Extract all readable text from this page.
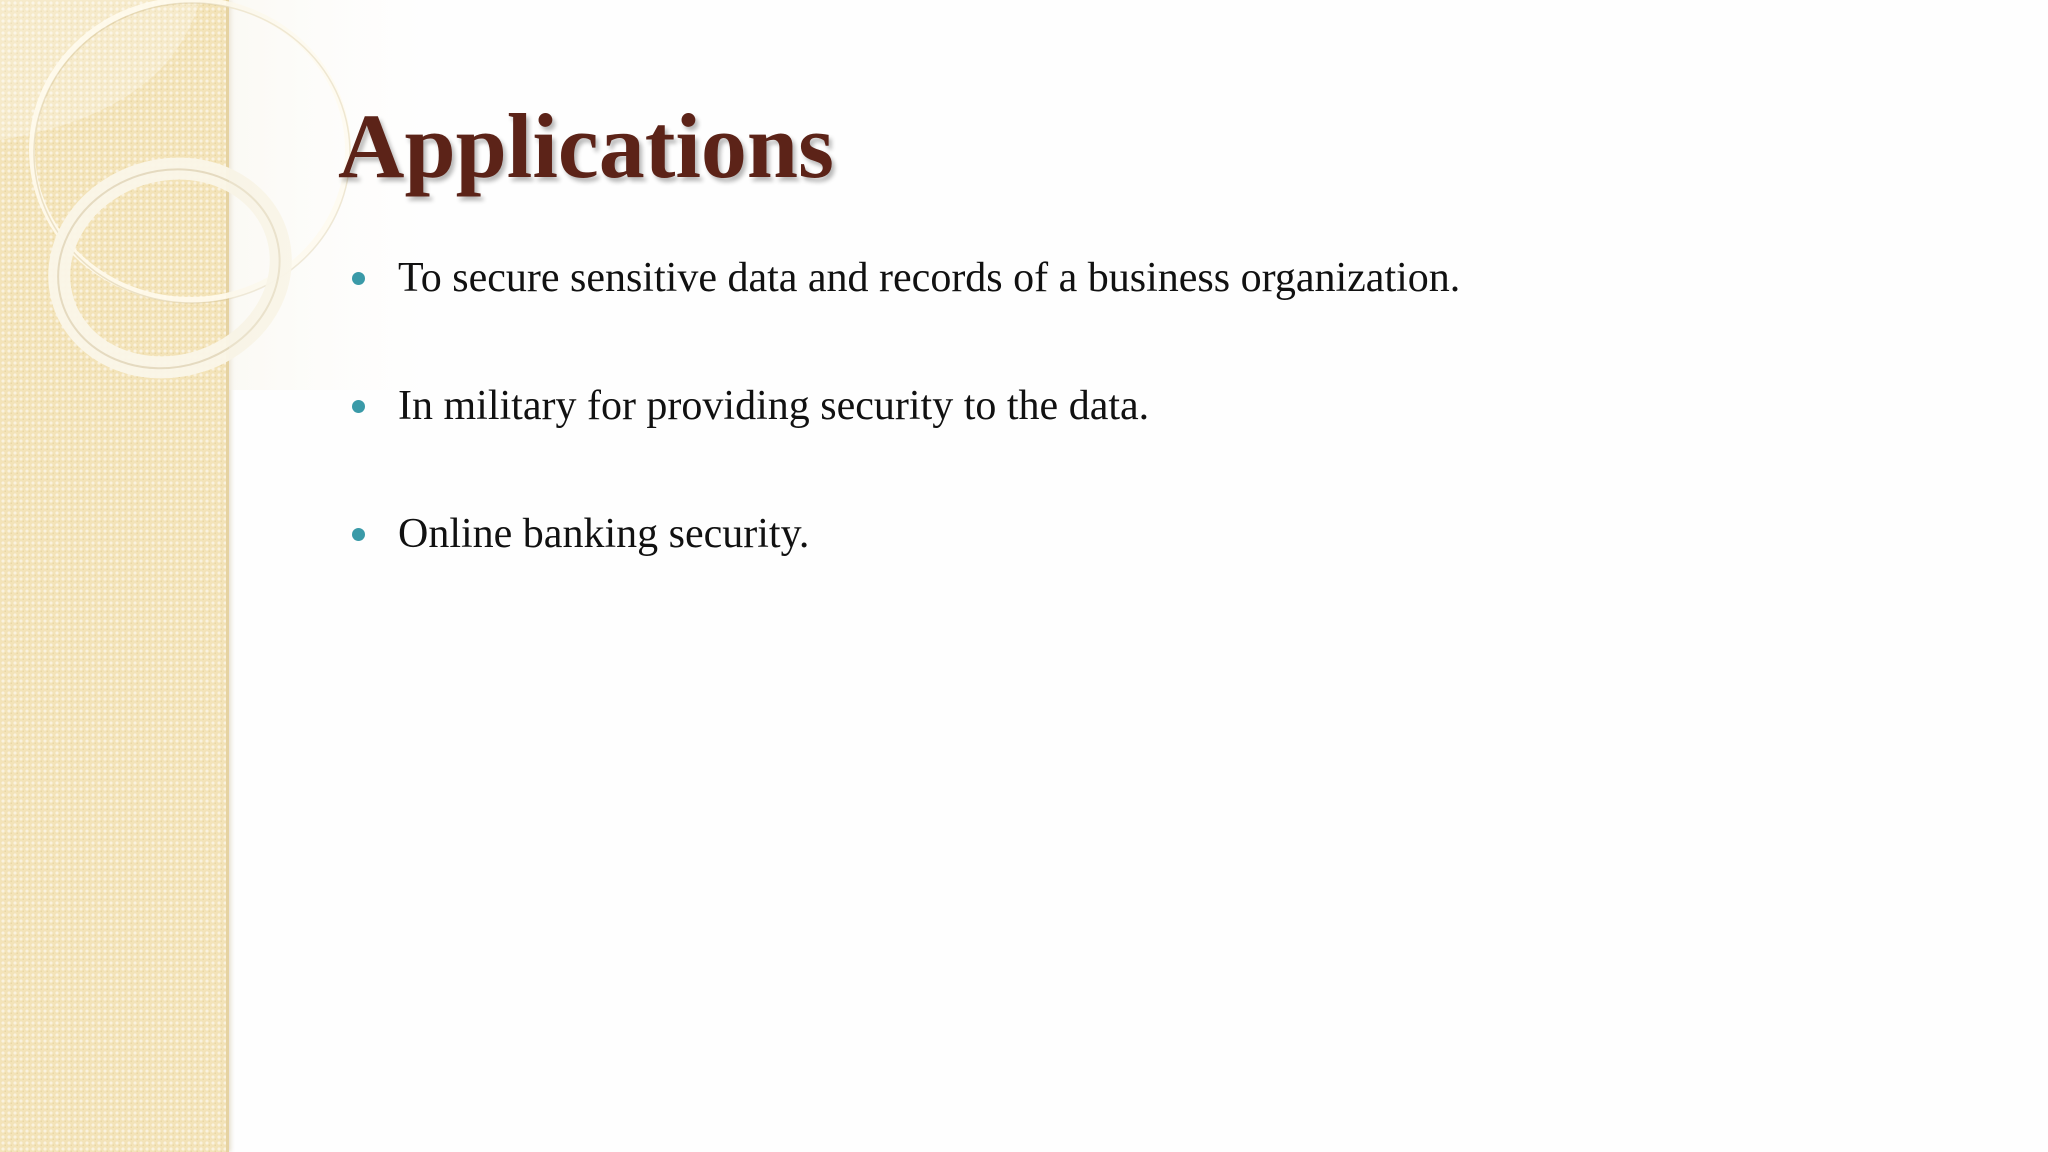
Applications
To secure sensitive data and records of a business organization.
In military for providing security to the data.
Online banking security.
